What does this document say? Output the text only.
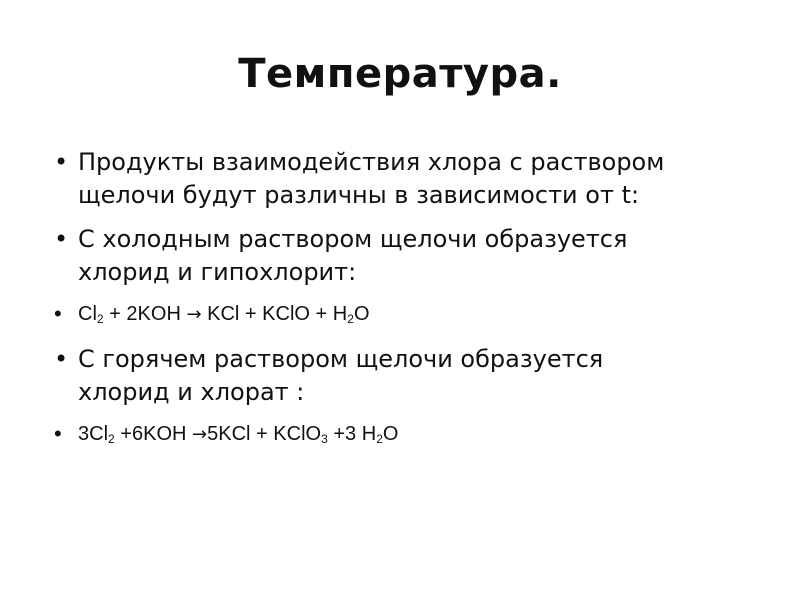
Температура.
• Продукты взаимодействия хлора с раствором
щелочи будут различны в зависимости от t:
• С холодным раствором щелочи образуется
хлорид и гипохлорит:
• $Cl_2 + 2KOH$ → KCl + KClO + $H_2O$
• С горячем раствором щелочи образуется
хлорид и хлорат :
• $3Cl_2 +6KOH \to 5KCl$ + KClO$_3$ +3 $H_2O$
